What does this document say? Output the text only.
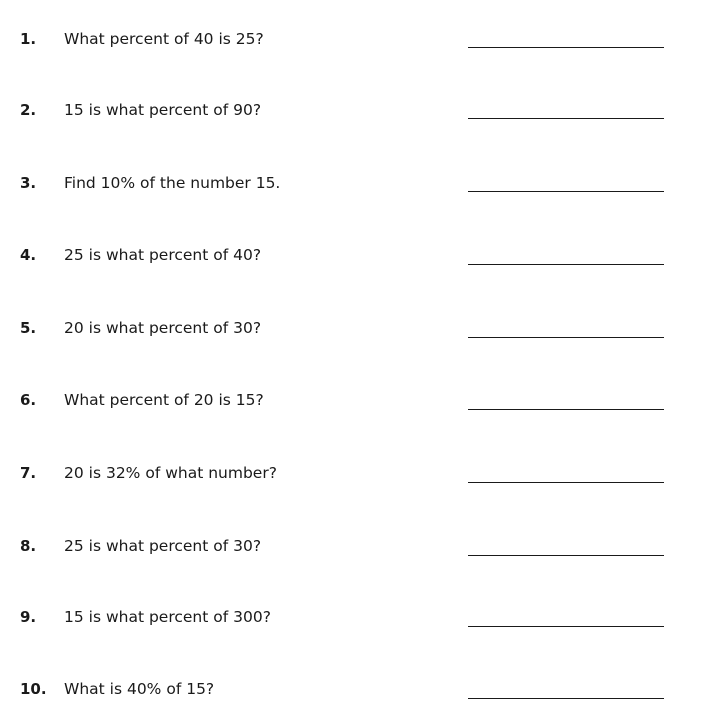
1. What percent of 40 is 25?
2. 15 is what percent of 90?
3. Find 10% of the number 15.
4. 25 is what percent of 40?
5. 20 is what percent of 30?
6. What percent of 20 is 15?
7. 20 is 32% of what number?
8. 25 is what percent of 30?
9. 15 is what percent of 300?
10. What is 40% of 15?
